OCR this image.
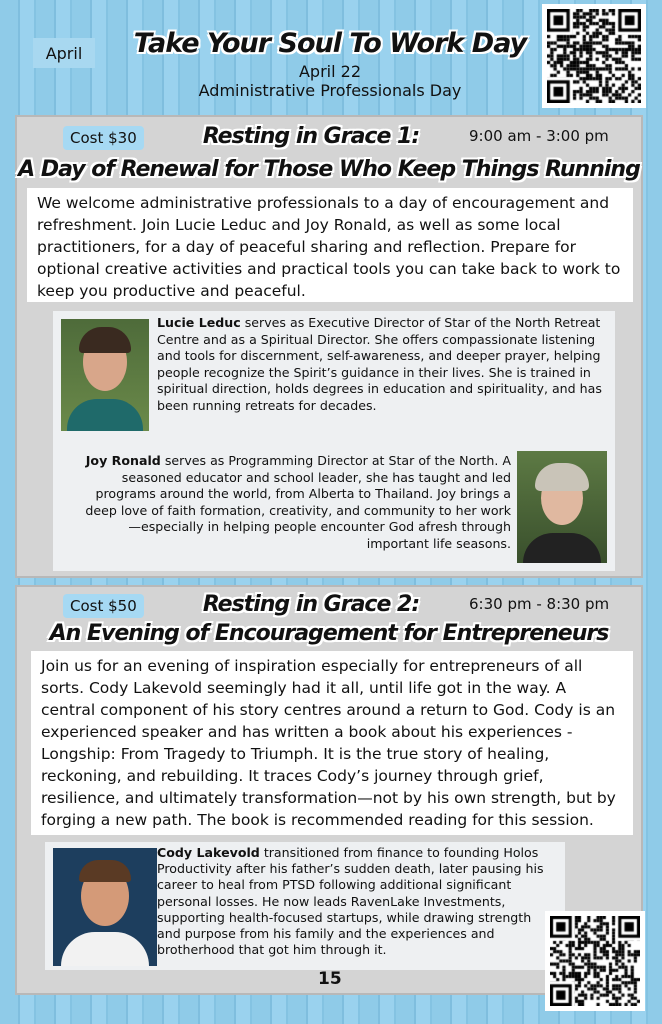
April	Take Your Soul To Work Day
April 22
Administrative Professionals Day
Cost $30	Resting in Grace 1:	9:00 am - 3:00 pm
A Day of Renewal for Those Who Keep Things Running
We welcome administrative professionals to a day of encouragement and refreshment. Join Lucie Leduc and Joy Ronald, as well as some local practitioners, for a day of peaceful sharing and reflection. Prepare for optional creative activities and practical tools you can take back to work to keep you productive and peaceful.
Lucie Leduc serves as Executive Director of Star of the North Retreat Centre and as a Spiritual Director. She offers compassionate listening and tools for discernment, self-awareness, and deeper prayer, helping people recognize the Spirit’s guidance in their lives. She is trained in spiritual direction, holds degrees in education and spirituality, and has been running retreats for decades.
Joy Ronald serves as Programming Director at Star of the North. A seasoned educator and school leader, she has taught and led programs around the world, from Alberta to Thailand. Joy brings a deep love of faith formation, creativity, and community to her work—especially in helping people encounter God afresh through important life seasons.
Cost $50	Resting in Grace 2:	6:30 pm - 8:30 pm
An Evening of Encouragement for Entrepreneurs
Join us for an evening of inspiration especially for entrepreneurs of all sorts. Cody Lakevold seemingly had it all, until life got in the way. A central component of his story centres around a return to God. Cody is an experienced speaker and has written a book about his experiences - Longship: From Tragedy to Triumph. It is the true story of healing, reckoning, and rebuilding. It traces Cody’s journey through grief, resilience, and ultimately transformation—not by his own strength, but by forging a new path. The book is recommended reading for this session.
Cody Lakevold transitioned from finance to founding Holos Productivity after his father’s sudden death, later pausing his career to heal from PTSD following additional significant personal losses. He now leads RavenLake Investments, supporting health-focused startups, while drawing strength and purpose from his family and the experiences and brotherhood that got him through it.
15
